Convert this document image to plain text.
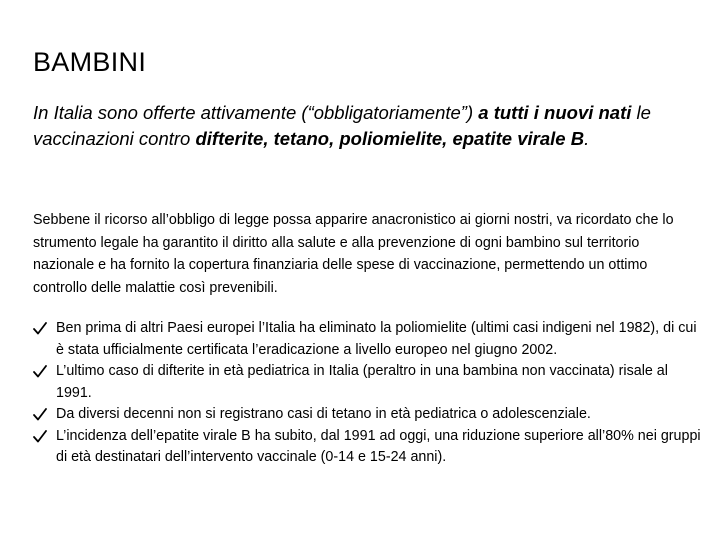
BAMBINI
In Italia sono offerte attivamente (“obbligatoriamente”) a tutti i nuovi nati le vaccinazioni contro difterite, tetano, poliomielite, epatite virale B.
Sebbene il ricorso all’obbligo di legge possa apparire anacronistico ai giorni nostri, va ricordato che lo strumento legale ha garantito il diritto alla salute e alla prevenzione di ogni bambino sul territorio nazionale e ha fornito la copertura finanziaria delle spese di vaccinazione, permettendo un ottimo controllo delle malattie così prevenibili.
Ben prima di altri Paesi europei l’Italia ha eliminato la poliomielite (ultimi casi indigeni nel 1982), di cui è stata ufficialmente certificata l’eradicazione a livello europeo nel giugno 2002.
L’ultimo caso di difterite in età pediatrica in Italia (peraltro in una bambina non vaccinata) risale al 1991.
Da diversi decenni non si registrano casi di tetano in età pediatrica o adolescenziale.
L’incidenza dell’epatite virale B ha subito, dal 1991 ad oggi, una riduzione superiore all’80% nei gruppi di età destinatari dell’intervento vaccinale (0-14 e 15-24 anni).
